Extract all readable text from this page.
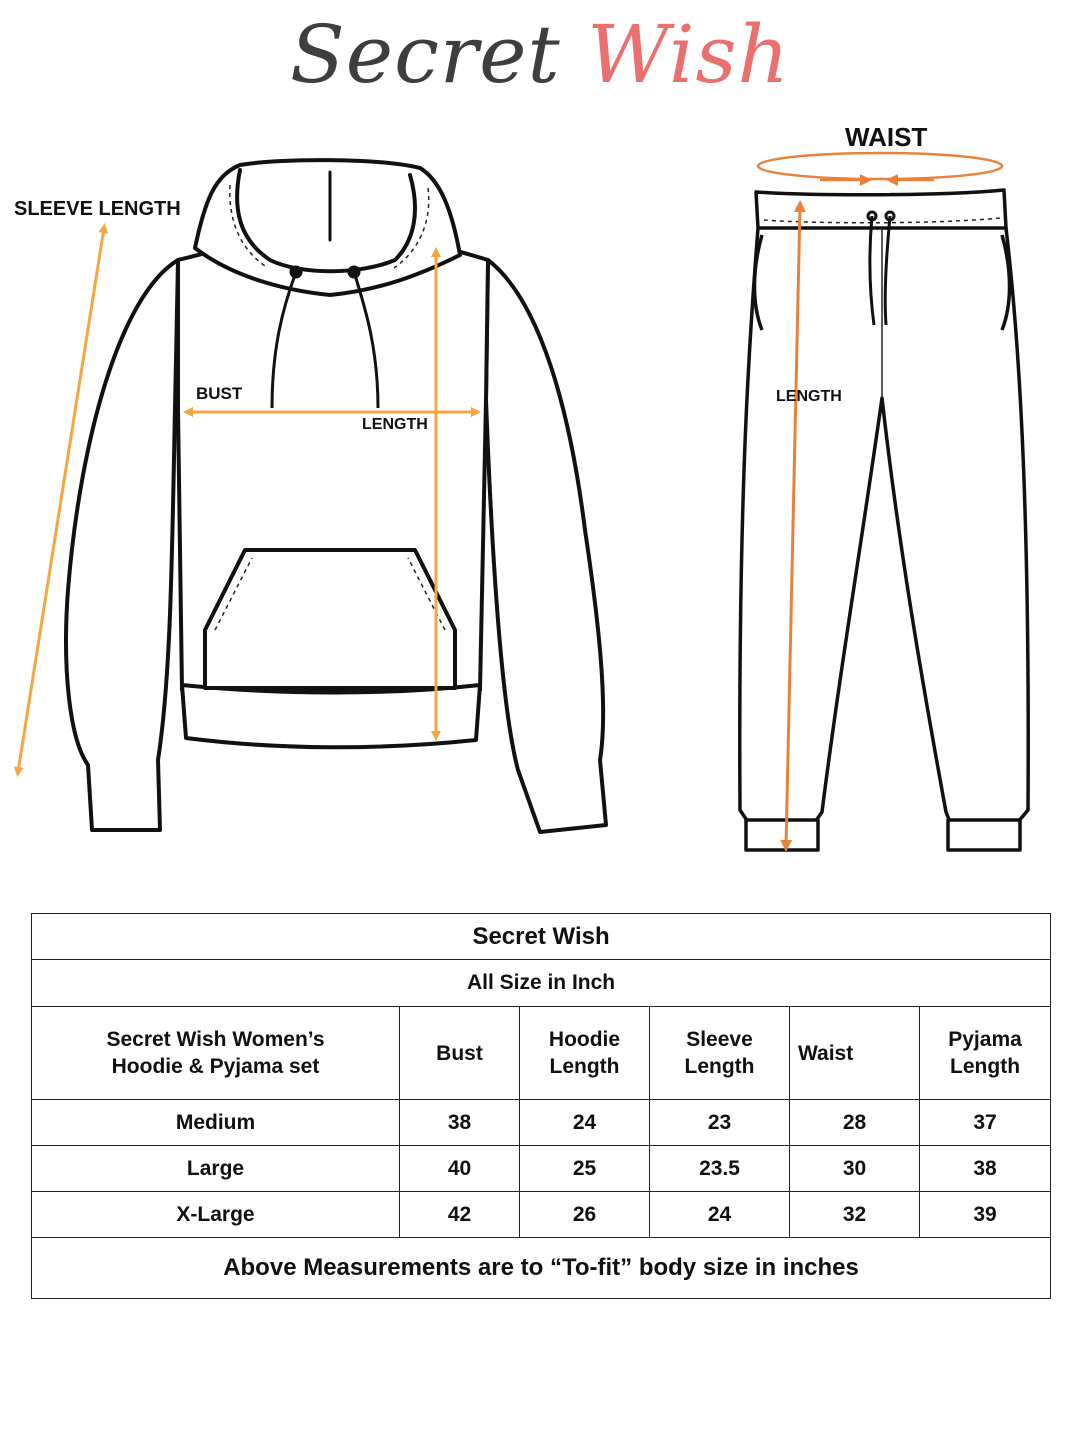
Secret Wish
SLEEVE LENGTH
BUST
LENGTH
WAIST
LENGTH
Secret Wish					
All Size in Inch					
Secret Wish Women’s Hoodie & Pyjama set	Bust	Hoodie Length	Sleeve Length	Waist	Pyjama Length
Medium	38	24	23	28	37
Large	40	25	23.5	30	38
X-Large	42	26	24	32	39
Above Measurements are to “To-fit” body size in inches					
